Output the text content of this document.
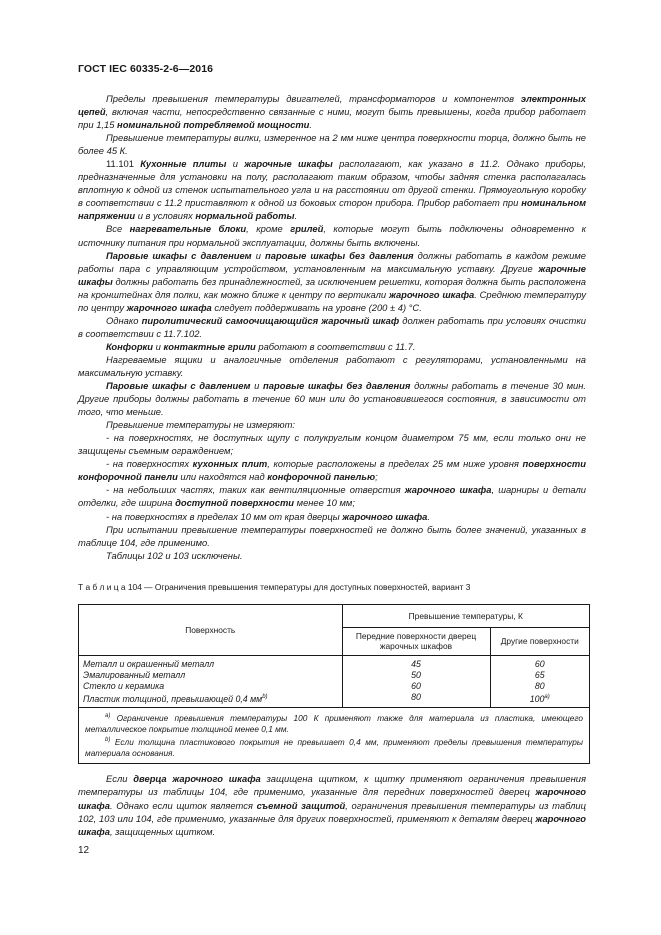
ГОСТ IEC 60335-2-6—2016

Пределы превышения температуры двигателей, трансформаторов и компонентов электронных цепей, включая части, непосредственно связанные с ними, могут быть превышены, когда прибор работает при 1,15 номинальной потребляемой мощности.

Превышение температуры вилки, измеренное на 2 мм ниже центра поверхности торца, должно быть не более 45 К.

11.101 Кухонные плиты и жарочные шкафы располагают, как указано в 11.2. Однако приборы, предназначенные для установки на полу, располагают таким образом, чтобы задняя стенка располагалась вплотную к одной из стенок испытательного угла и на расстоянии от другой стенки. Прямоугольную коробку в соответствии с 11.2 приставляют к одной из боковых сторон прибора. Прибор работает при номинальном напряжении и в условиях нормальной работы.

Все нагревательные блоки, кроме грилей, которые могут быть подключены одновременно к источнику питания при нормальной эксплуатации, должны быть включены.

Паровые шкафы с давлением и паровые шкафы без давления должны работать в каждом режиме работы пара с управляющим устройством, установленным на максимальную уставку. Другие жарочные шкафы должны работать без принадлежностей, за исключением решетки, которая должна быть расположена на кронштейнах для полки, как можно ближе к центру по вертикали жарочного шкафа. Среднюю температуру по центру жарочного шкафа следует поддерживать на уровне (200 ± 4) °C.

Однако пиролитический самоочищающийся жарочный шкаф должен работать при условиях очистки в соответствии с 11.7.102.

Конфорки и контактные грили работают в соответствии с 11.7.

Нагреваемые ящики и аналогичные отделения работают с регуляторами, установленными на максимальную уставку.

Паровые шкафы с давлением и паровые шкафы без давления должны работать в течение 30 мин. Другие приборы должны работать в течение 60 мин или до установившегося состояния, в зависимости от того, что меньше.

Превышение температуры не измеряют:

- на поверхностях, не доступных щупу с полукруглым концом диаметром 75 мм, если только они не защищены съемным ограждением;

- на поверхностях кухонных плит, которые расположены в пределах 25 мм ниже уровня поверхности конфорочной панели или находятся над конфорочной панелью;

- на небольших частях, таких как вентиляционные отверстия жарочного шкафа, шарниры и детали отделки, где ширина доступной поверхности менее 10 мм;

- на поверхностях в пределах 10 мм от края дверцы жарочного шкафа.

При испытании превышение температуры поверхностей не должно быть более значений, указанных в таблице 104, где применимо.

Таблицы 102 и 103 исключены.

Т а б л и ц а 104 — Ограничения превышения температуры для доступных поверхностей, вариант 3
Поверхность	Превышение температуры, К	
	Передние поверхности дверец жарочных шкафов	Другие поверхности
Металл и окрашенный металл	45	60
Эмалированный металл	50	65
Стекло и керамика	60	80
Пластик толщиной, превышающей 0,4 $мм^{b)}$	80	100$^{a)}$

$^{a)}$ Ограничение превышения температуры 100 К применяют также для материала из пластика, имеющего металлическое покрытие толщиной менее 0,1 мм.
$^{b)}$ Если толщина пластикового покрытия не превышает 0,4 мм, применяют пределы превышения температуры материала основания.		

Если дверца жарочного шкафа защищена щитком, к щитку применяют ограничения превышения температуры из таблицы 104, где применимо, указанные для передних поверхностей дверец жарочного шкафа. Однако если щиток является съемной защитой, ограничения превышения температуры из таблиц 102, 103 или 104, где применимо, указанные для других поверхностей, применяют к деталям дверец жарочного шкафа, защищенных щитком.

12
